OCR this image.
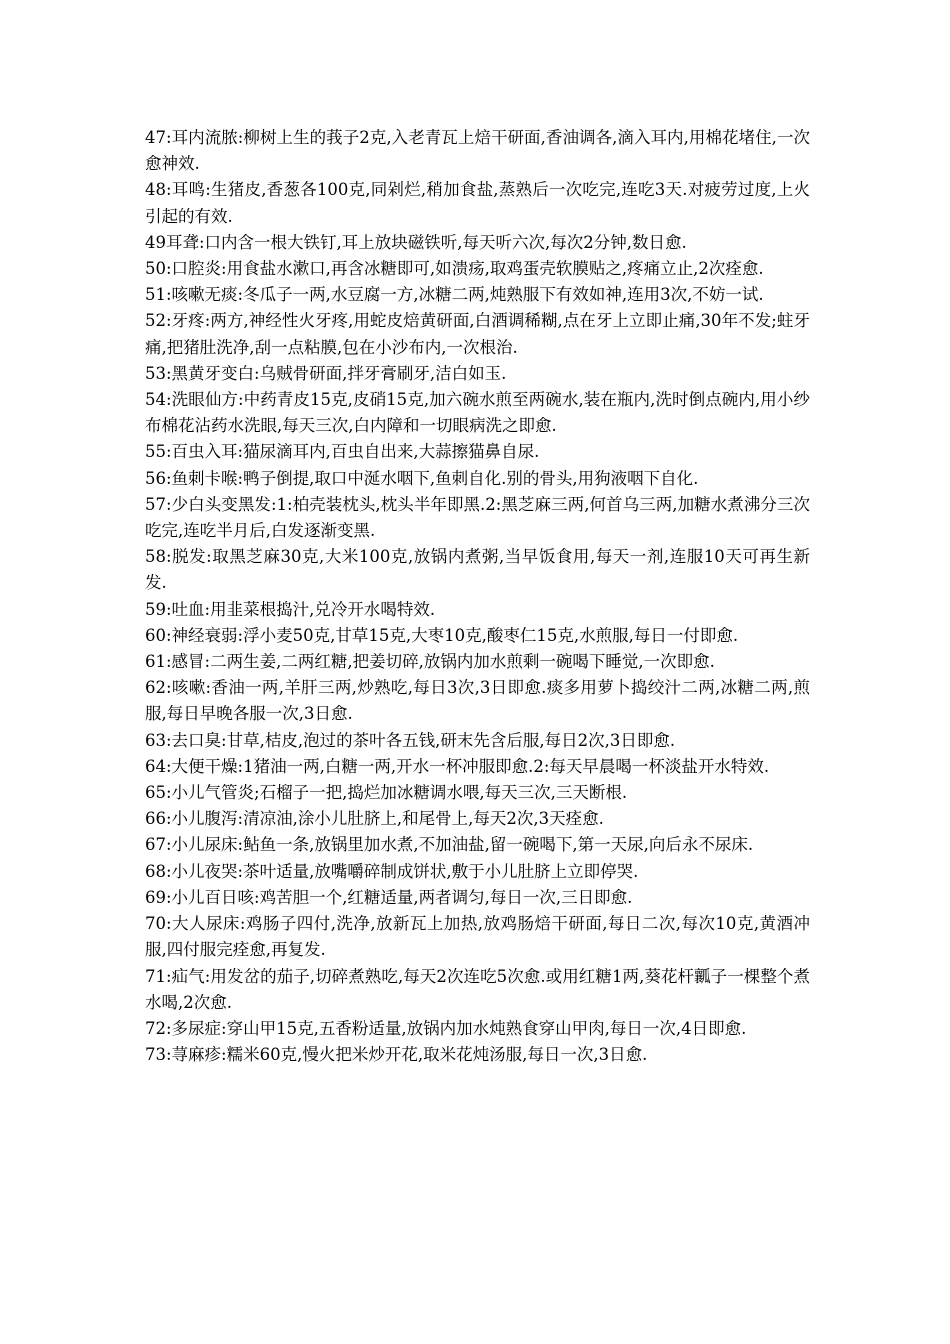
47:耳内流脓:柳树上生的莪子2克,入老青瓦上焙干研面,香油调各,滴入耳内,用棉花堵住,一次愈神效.

48:耳鸣:生猪皮,香葱各100克,同剁烂,稍加食盐,蒸熟后一次吃完,连吃3天.对疲劳过度,上火引起的有效.

49耳聋:口内含一根大铁钉,耳上放块磁铁听,每天听六次,每次2分钟,数日愈.

50:口腔炎:用食盐水漱口,再含冰糖即可,如溃疡,取鸡蛋壳软膜贴之,疼痛立止,2次痊愈.

51:咳嗽无痰:冬瓜子一两,水豆腐一方,冰糖二两,炖熟服下有效如神,连用3次,不妨一试.

52:牙疼:两方,神经性火牙疼,用蛇皮焙黄研面,白酒调稀糊,点在牙上立即止痛,30年不发;蛀牙痛,把猪肚洗净,刮一点粘膜,包在小沙布内,一次根治.

53:黑黄牙变白:乌贼骨研面,拌牙膏刷牙,洁白如玉.

54:洗眼仙方:中药青皮15克,皮硝15克,加六碗水煎至两碗水,装在瓶内,洗时倒点碗内,用小纱布棉花沾药水洗眼,每天三次,白内障和一切眼病洗之即愈.

55:百虫入耳:猫尿滴耳内,百虫自出来,大蒜擦猫鼻自尿.

56:鱼刺卡喉:鸭子倒提,取口中涎水咽下,鱼刺自化.别的骨头,用狗液咽下自化.

57:少白头变黑发:1:柏壳装枕头,枕头半年即黑.2:黑芝麻三两,何首乌三两,加糖水煮沸分三次吃完,连吃半月后,白发逐渐变黑.

58:脱发:取黑芝麻30克,大米100克,放锅内煮粥,当早饭食用,每天一剂,连服10天可再生新发.

59:吐血:用韭菜根捣汁,兑冷开水喝特效.

60:神经衰弱:浮小麦50克,甘草15克,大枣10克,酸枣仁15克,水煎服,每日一付即愈.

61:感冒:二两生姜,二两红糖,把姜切碎,放锅内加水煎剩一碗喝下睡觉,一次即愈.

62:咳嗽:香油一两,羊肝三两,炒熟吃,每日3次,3日即愈.痰多用萝卜捣绞汁二两,冰糖二两,煎服,每日早晚各服一次,3日愈.

63:去口臭:甘草,桔皮,泡过的茶叶各五钱,研末先含后服,每日2次,3日即愈.

64:大便干燥:1猪油一两,白糖一两,开水一杯冲服即愈.2:每天早晨喝一杯淡盐开水特效.

65:小儿气管炎;石榴子一把,捣烂加冰糖调水喂,每天三次,三天断根.

66:小儿腹泻:清凉油,涂小儿肚脐上,和尾骨上,每天2次,3天痊愈.

67:小儿尿床:鲇鱼一条,放锅里加水煮,不加油盐,留一碗喝下,第一天尿,向后永不尿床.

68:小儿夜哭:茶叶适量,放嘴嚼碎制成饼状,敷于小儿肚脐上立即停哭.

69:小儿百日咳:鸡苦胆一个,红糖适量,两者调匀,每日一次,三日即愈.

70:大人尿床:鸡肠子四付,洗净,放新瓦上加热,放鸡肠焙干研面,每日二次,每次10克,黄酒冲服,四付服完痊愈,再复发.

71:疝气:用发岔的茄子,切碎煮熟吃,每天2次连吃5次愈.或用红糖1两,葵花杆瓤子一棵整个煮水喝,2次愈.

72:多尿症:穿山甲15克,五香粉适量,放锅内加水炖熟食穿山甲肉,每日一次,4日即愈.

73:荨麻疹:糯米60克,慢火把米炒开花,取米花炖汤服,每日一次,3日愈.
